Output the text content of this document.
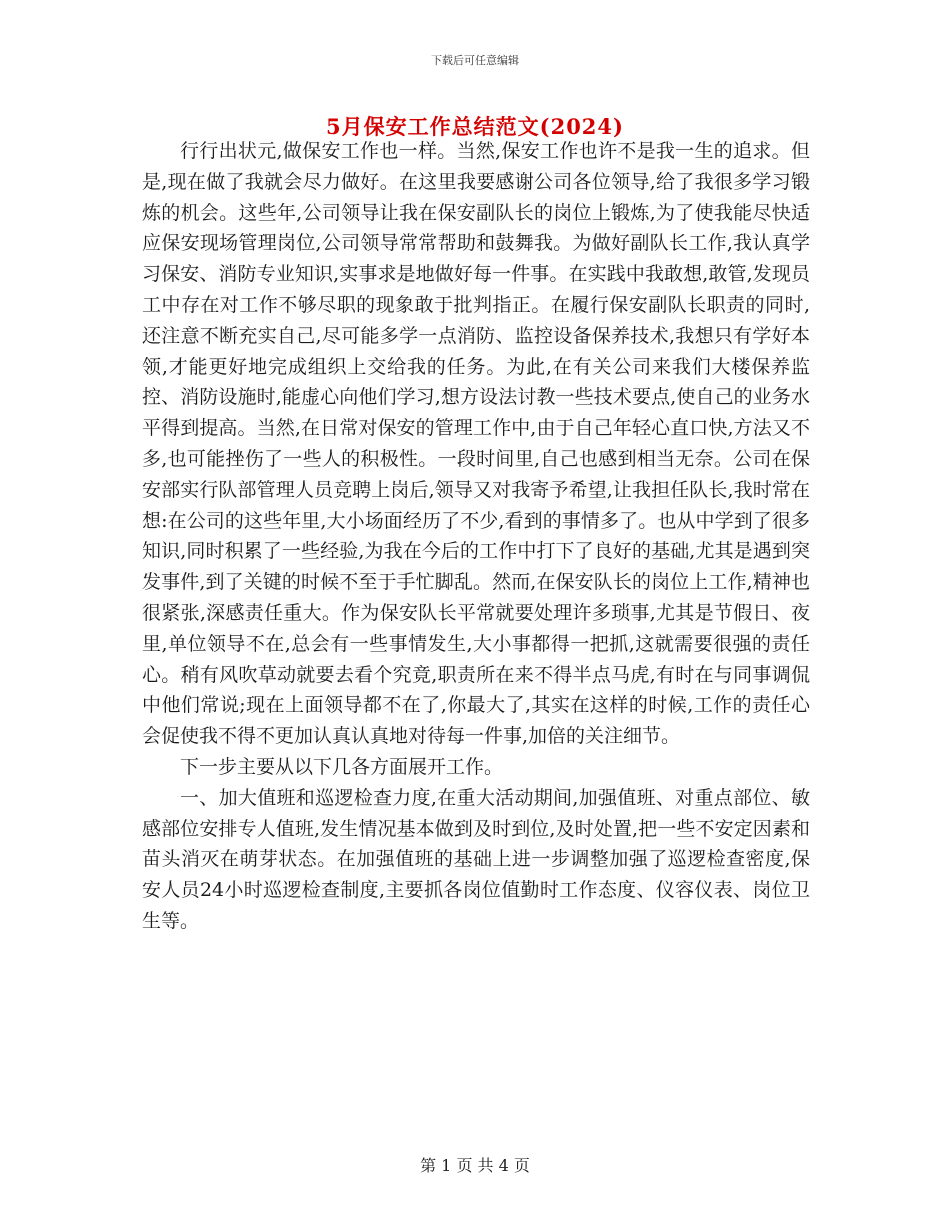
下载后可任意编辑
5月保安工作总结范文(2024)

行行出状元,做保安工作也一样。当然,保安工作也许不是我一生的追求。但是,现在做了我就会尽力做好。在这里我要感谢公司各位领导,给了我很多学习锻炼的机会。这些年,公司领导让我在保安副队长的岗位上锻炼,为了使我能尽快适应保安现场管理岗位,公司领导常常帮助和鼓舞我。为做好副队长工作,我认真学习保安、消防专业知识,实事求是地做好每一件事。在实践中我敢想,敢管,发现员工中存在对工作不够尽职的现象敢于批判指正。在履行保安副队长职责的同时,还注意不断充实自己,尽可能多学一点消防、监控设备保养技术,我想只有学好本领,才能更好地完成组织上交给我的任务。为此,在有关公司来我们大楼保养监控、消防设施时,能虚心向他们学习,想方设法讨教一些技术要点,使自己的业务水平得到提高。当然,在日常对保安的管理工作中,由于自己年轻心直口快,方法又不多,也可能挫伤了一些人的积极性。一段时间里,自己也感到相当无奈。公司在保安部实行队部管理人员竞聘上岗后,领导又对我寄予希望,让我担任队长,我时常在想:在公司的这些年里,大小场面经历了不少,看到的事情多了。也从中学到了很多知识,同时积累了一些经验,为我在今后的工作中打下了良好的基础,尤其是遇到突发事件,到了关键的时候不至于手忙脚乱。然而,在保安队长的岗位上工作,精神也很紧张,深感责任重大。作为保安队长平常就要处理许多琐事,尤其是节假日、夜里,单位领导不在,总会有一些事情发生,大小事都得一把抓,这就需要很强的责任心。稍有风吹草动就要去看个究竟,职责所在来不得半点马虎,有时在与同事调侃中他们常说;现在上面领导都不在了,你最大了,其实在这样的时候,工作的责任心会促使我不得不更加认真认真地对待每一件事,加倍的关注细节。

下一步主要从以下几各方面展开工作。

一、加大值班和巡逻检查力度,在重大活动期间,加强值班、对重点部位、敏感部位安排专人值班,发生情况基本做到及时到位,及时处置,把一些不安定因素和苗头消灭在萌芽状态。在加强值班的基础上进一步调整加强了巡逻检查密度,保安人员24小时巡逻检查制度,主要抓各岗位值勤时工作态度、仪容仪表、岗位卫生等。

第 1 页 共 4 页
